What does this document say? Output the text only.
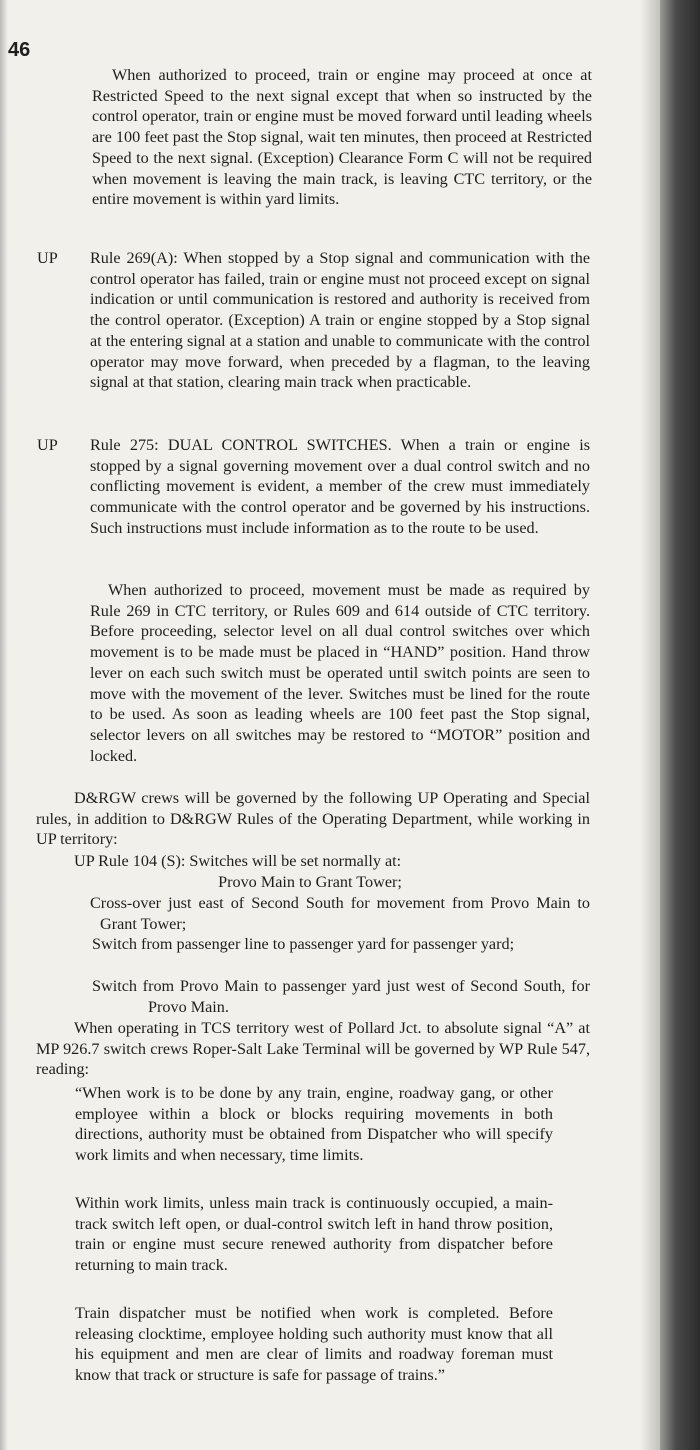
46

When authorized to proceed, train or engine may proceed at once at Restricted Speed to the next signal except that when so instructed by the control operator, train or engine must be moved forward until leading wheels are 100 feet past the Stop signal, wait ten minutes, then proceed at Restricted Speed to the next signal. (Exception) Clearance Form C will not be required when movement is leaving the main track, is leaving CTC territory, or the entire movement is within yard limits.

UP Rule 269(A): When stopped by a Stop signal and communication with the control operator has failed, train or engine must not proceed except on signal indication or until communication is restored and authority is received from the control operator. (Exception) A train or engine stopped by a Stop signal at the entering signal at a station and unable to communicate with the control operator may move forward, when preceded by a flagman, to the leaving signal at that station, clearing main track when practicable.

UP Rule 275: DUAL CONTROL SWITCHES. When a train or engine is stopped by a signal governing movement over a dual control switch and no conflicting movement is evident, a member of the crew must immediately communicate with the control operator and be governed by his instructions. Such instructions must include information as to the route to be used.

When authorized to proceed, movement must be made as required by Rule 269 in CTC territory, or Rules 609 and 614 outside of CTC territory. Before proceeding, selector level on all dual control switches over which movement is to be made must be placed in “HAND” position. Hand throw lever on each such switch must be operated until switch points are seen to move with the movement of the lever. Switches must be lined for the route to be used. As soon as leading wheels are 100 feet past the Stop signal, selector levers on all switches may be restored to “MOTOR” position and locked.

D&RGW crews will be governed by the following UP Operating and Special rules, in addition to D&RGW Rules of the Operating Department, while working in UP territory:

UP Rule 104 (S): Switches will be set normally at:

Provo Main to Grant Tower;

Cross-over just east of Second South for movement from Provo Main to Grant Tower;

Switch from passenger line to passenger yard for passenger yard;

Switch from Provo Main to passenger yard just west of Second South, for Provo Main.

When operating in TCS territory west of Pollard Jct. to absolute signal “A” at MP 926.7 switch crews Roper-Salt Lake Terminal will be governed by WP Rule 547, reading:

“When work is to be done by any train, engine, roadway gang, or other employee within a block or blocks requiring movements in both directions, authority must be obtained from Dispatcher who will specify work limits and when necessary, time limits.

Within work limits, unless main track is continuously occupied, a main-track switch left open, or dual-control switch left in hand throw position, train or engine must secure renewed authority from dispatcher before returning to main track.

Train dispatcher must be notified when work is completed. Before releasing clocktime, employee holding such authority must know that all his equipment and men are clear of limits and roadway foreman must know that track or structure is safe for passage of trains.”
